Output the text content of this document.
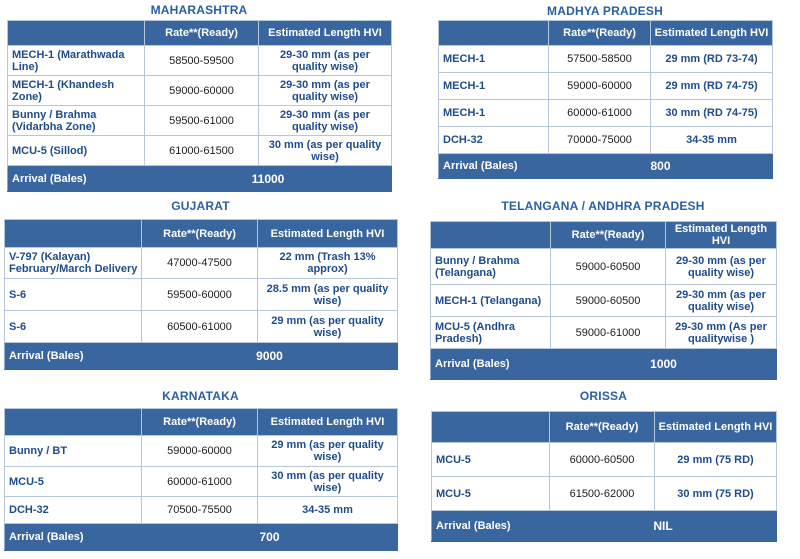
MAHARASHTRA
	Rate**(Ready)	Estimated Length HVI
MECH-1 (Marathwada Line)	58500-59500	29-30 mm (as per quality wise)
MECH-1 (Khandesh Zone)	59000-60000	29-30 mm (as per quality wise)
Bunny / Brahma (Vidarbha Zone)	59500-61000	29-30 mm (as per quality wise)
MCU-5 (Sillod)	61000-61500	30 mm (as per quality wise)
Arrival (Bales)	11000	
MADHYA PRADESH
	Rate**(Ready)	Estimated Length HVI
MECH-1	57500-58500	29 mm (RD 73-74)
MECH-1	59000-60000	29 mm (RD 74-75)
MECH-1	60000-61000	30 mm (RD 74-75)
DCH-32	70000-75000	34-35 mm
Arrival (Bales)	800	
GUJARAT
	Rate**(Ready)	Estimated Length HVI
V-797 (Kalayan) February/March Delivery	47000-47500	22 mm (Trash 13% approx)
S-6	59500-60000	28.5 mm (as per quality wise)
S-6	60500-61000	29 mm (as per quality wise)
Arrival (Bales)	9000	
TELANGANA / ANDHRA PRADESH
	Rate**(Ready)	Estimated Length HVI
Bunny / Brahma (Telangana)	59000-60500	29-30 mm (as per quality wise)
MECH-1 (Telangana)	59000-60500	29-30 mm (as per quality wise)
MCU-5 (Andhra Pradesh)	59000-61000	29-30 mm (As per qualitywise )
Arrival (Bales)	1000	
KARNATAKA
	Rate**(Ready)	Estimated Length HVI
Bunny / BT	59000-60000	29 mm (as per quality wise)
MCU-5	60000-61000	30 mm (as per quality wise)
DCH-32	70500-75500	34-35 mm
Arrival (Bales)	700	
ORISSA
	Rate**(Ready)	Estimated Length HVI
MCU-5	60000-60500	29 mm (75 RD)
MCU-5	61500-62000	30 mm (75 RD)
Arrival (Bales)	NIL	
